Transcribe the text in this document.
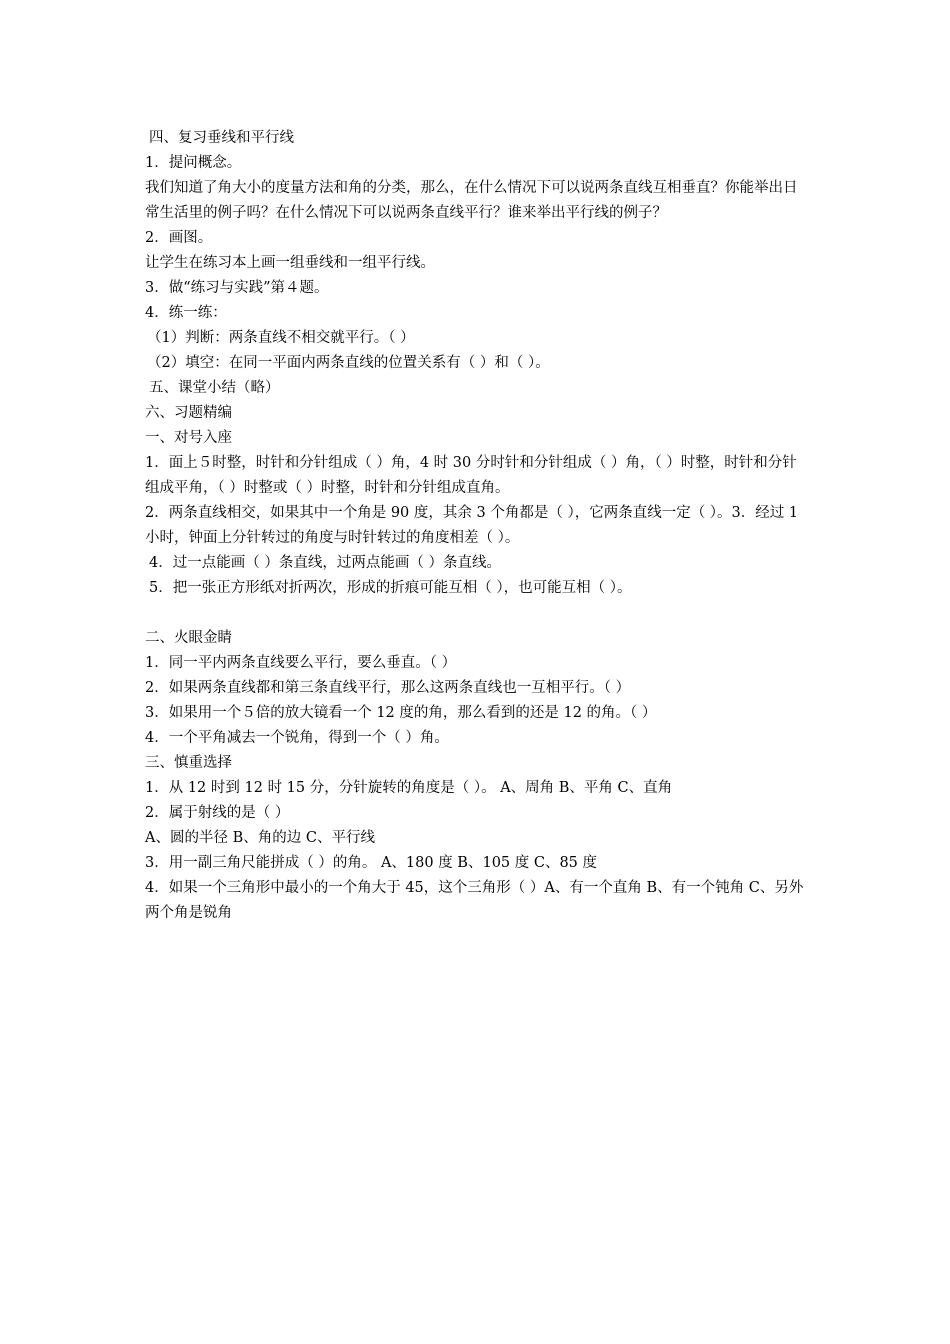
四、复习垂线和平行线

1．提问概念。

我们知道了角大小的度量方法和角的分类，那么，在什么情况下可以说两条直线互相垂直？你能举出日常生活里的例子吗？在什么情况下可以说两条直线平行？谁来举出平行线的例子？

2．画图。

让学生在练习本上画一组垂线和一组平行线。

3．做“练习与实践”第４题。

4．练一练：

（1）判断：两条直线不相交就平行。（ ）

（2）填空：在同一平面内两条直线的位置关系有（ ）和（ ）。

五、课堂小结（略）

六、习题精编

一、对号入座

1．面上５时整，时针和分针组成（ ）角，4 时 30 分时针和分针组成（ ）角，（ ）时整，时针和分针组成平角，（ ）时整或（ ）时整，时针和分针组成直角。

2．两条直线相交，如果其中一个角是 90 度，其余 3 个角都是（ ），它两条直线一定（ ）。3．经过 1 小时，钟面上分针转过的角度与时针转过的角度相差（ ）。

4．过一点能画（ ）条直线，过两点能画（ ）条直线。

5．把一张正方形纸对折两次，形成的折痕可能互相（ ），也可能互相（ ）。

二、火眼金睛

1．同一平内两条直线要么平行，要么垂直。（ ）

2．如果两条直线都和第三条直线平行，那么这两条直线也一互相平行。（ ）

3．如果用一个５倍的放大镜看一个 12 度的角，那么看到的还是 12 的角。（ ）

4．一个平角减去一个锐角，得到一个（ ）角。

三、慎重选择

1．从 12 时到 12 时 15 分，分针旋转的角度是（ ）。 A、周角 B、平角 C、直角

2．属于射线的是（ ）

A、圆的半径 B、角的边 C、平行线

3．用一副三角尺能拼成（ ）的角。 A、180 度 B、105 度 C、85 度

4．如果一个三角形中最小的一个角大于 45，这个三角形（ ）A、有一个直角 B、有一个钝角 C、另外两个角是锐角
